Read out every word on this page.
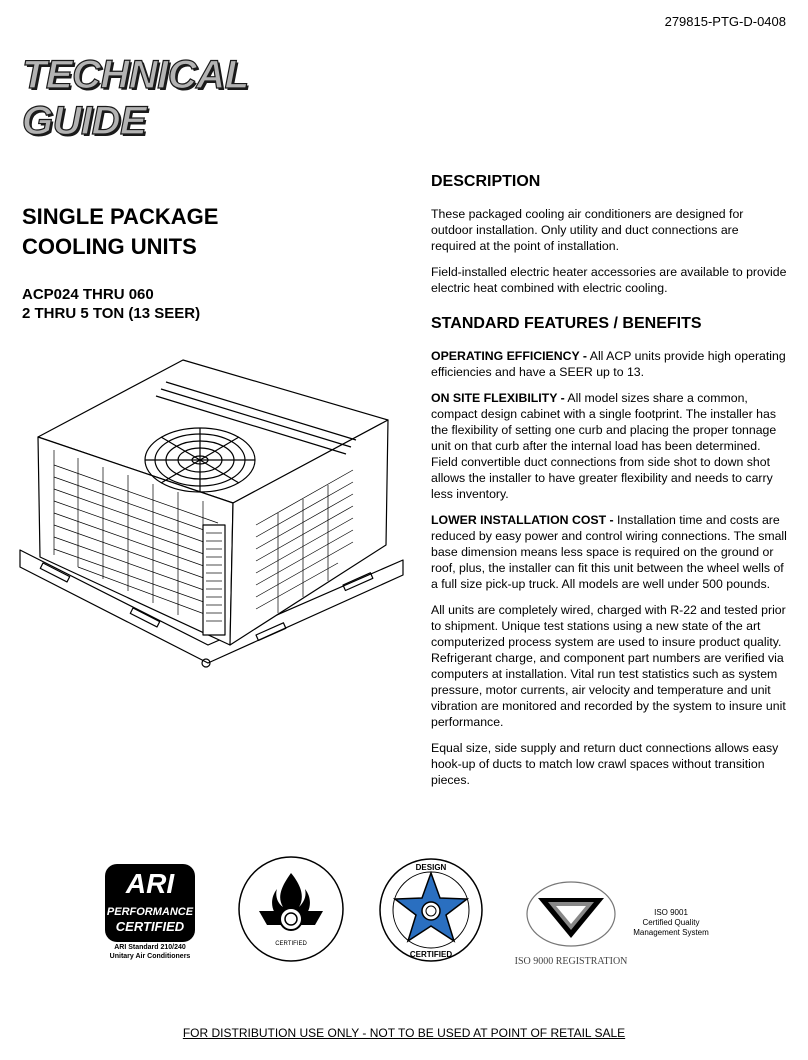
279815-PTG-D-0408
TECHNICAL
GUIDE
SINGLE PACKAGE
COOLING UNITS
ACP024 THRU 060
2 THRU 5 TON (13 SEER)
DESCRIPTION

These packaged cooling air conditioners are designed for outdoor installation. Only utility and duct connections are required at the point of installation.

Field-installed electric heater accessories are available to provide electric heat combined with electric cooling.

STANDARD FEATURES / BENEFITS

OPERATING EFFICIENCY - All ACP units provide high operating efficiencies and have a SEER up to 13.

ON SITE FLEXIBILITY - All model sizes share a common, compact design cabinet with a single footprint. The installer has the flexibility of setting one curb and placing the proper tonnage unit on that curb after the internal load has been determined. Field convertible duct connections from side shot to down shot allows the installer to have greater flexibility and needs to carry less inventory.

LOWER INSTALLATION COST - Installation time and costs are reduced by easy power and control wiring connections. The small base dimension means less space is required on the ground or roof, plus, the installer can fit this unit between the wheel wells of a full size pick-up truck. All models are well under 500 pounds.

All units are completely wired, charged with R-22 and tested prior to shipment. Unique test stations using a new state of the art computerized process system are used to insure product quality. Refrigerant charge, and component part numbers are verified via computers at installation. Vital run test statistics such as system pressure, motor currents, air velocity and temperature and unit vibration are monitored and recorded by the system to insure unit performance.

Equal size, side supply and return duct connections allows easy hook-up of ducts to match low crawl spaces without transition pieces.

ARI
PERFORMANCE
CERTIFIED
ARI Standard 210/240
Unitary Air Conditioners
CERTIFIED
DESIGN
CERTIFIED
ISO 9000 REGISTRATION
ISO 9001
Certified Quality
Management System
FOR DISTRIBUTION USE ONLY - NOT TO BE USED AT POINT OF RETAIL SALE
